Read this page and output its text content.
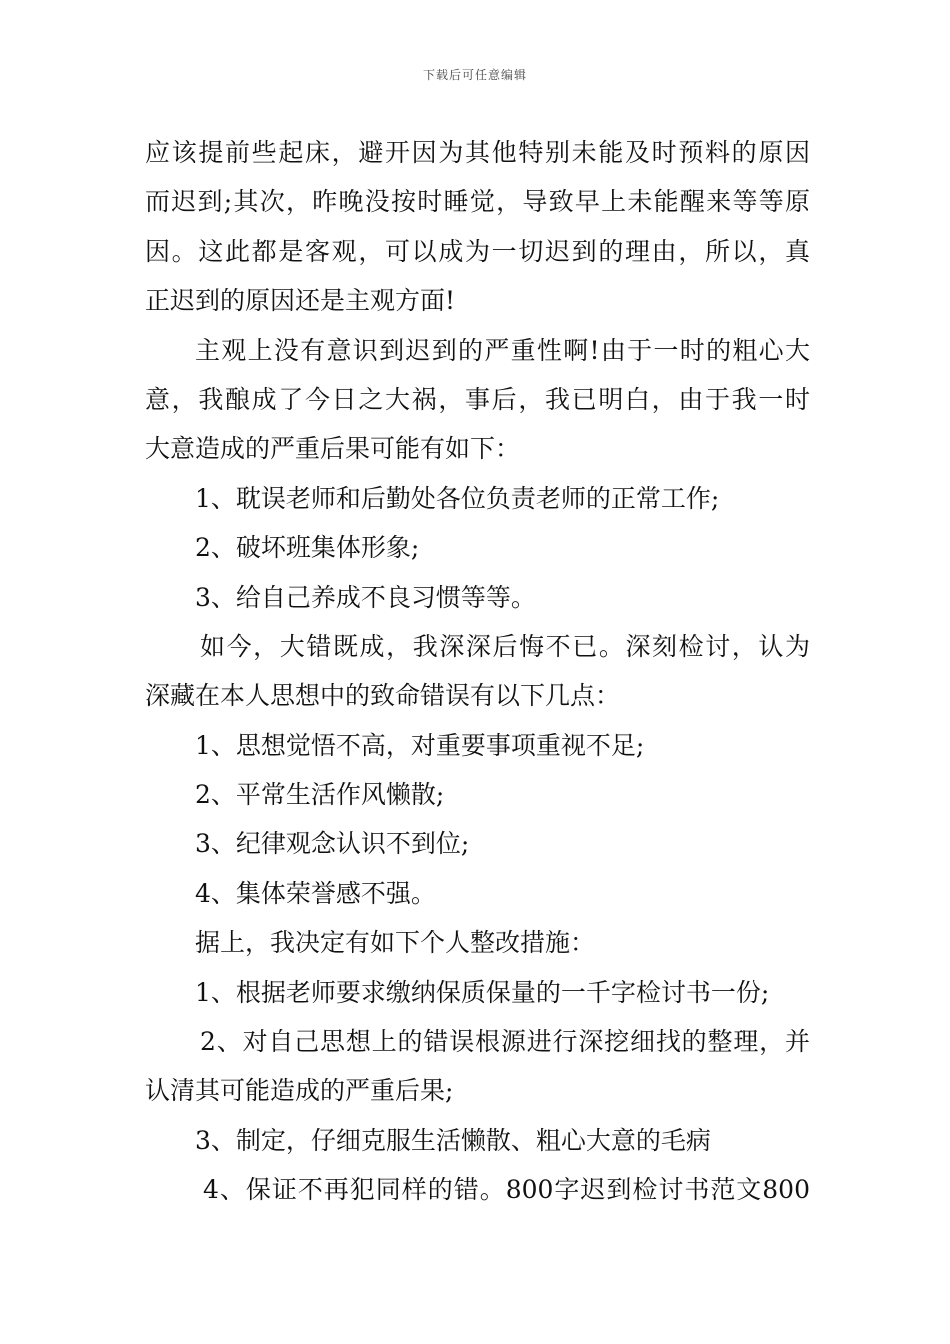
下载后可任意编辑
应该提前些起床，避开因为其他特别未能及时预料的原因
而迟到;其次，昨晚没按时睡觉，导致早上未能醒来等等原
因。这此都是客观，可以成为一切迟到的理由，所以，真
正迟到的原因还是主观方面!
主观上没有意识到迟到的严重性啊!由于一时的粗心大
意，我酿成了今日之大祸，事后，我已明白，由于我一时
大意造成的严重后果可能有如下：
1、耽误老师和后勤处各位负责老师的正常工作;
2、破坏班集体形象;
3、给自己养成不良习惯等等。
如今，大错既成，我深深后悔不已。深刻检讨，认为
深藏在本人思想中的致命错误有以下几点：
1、思想觉悟不高，对重要事项重视不足;
2、平常生活作风懒散;
3、纪律观念认识不到位;
4、集体荣誉感不强。
据上，我决定有如下个人整改措施：
1、根据老师要求缴纳保质保量的一千字检讨书一份;
2、对自己思想上的错误根源进行深挖细找的整理，并
认清其可能造成的严重后果;
3、制定，仔细克服生活懒散、粗心大意的毛病
4、保证不再犯同样的错。800字迟到检讨书范文800
